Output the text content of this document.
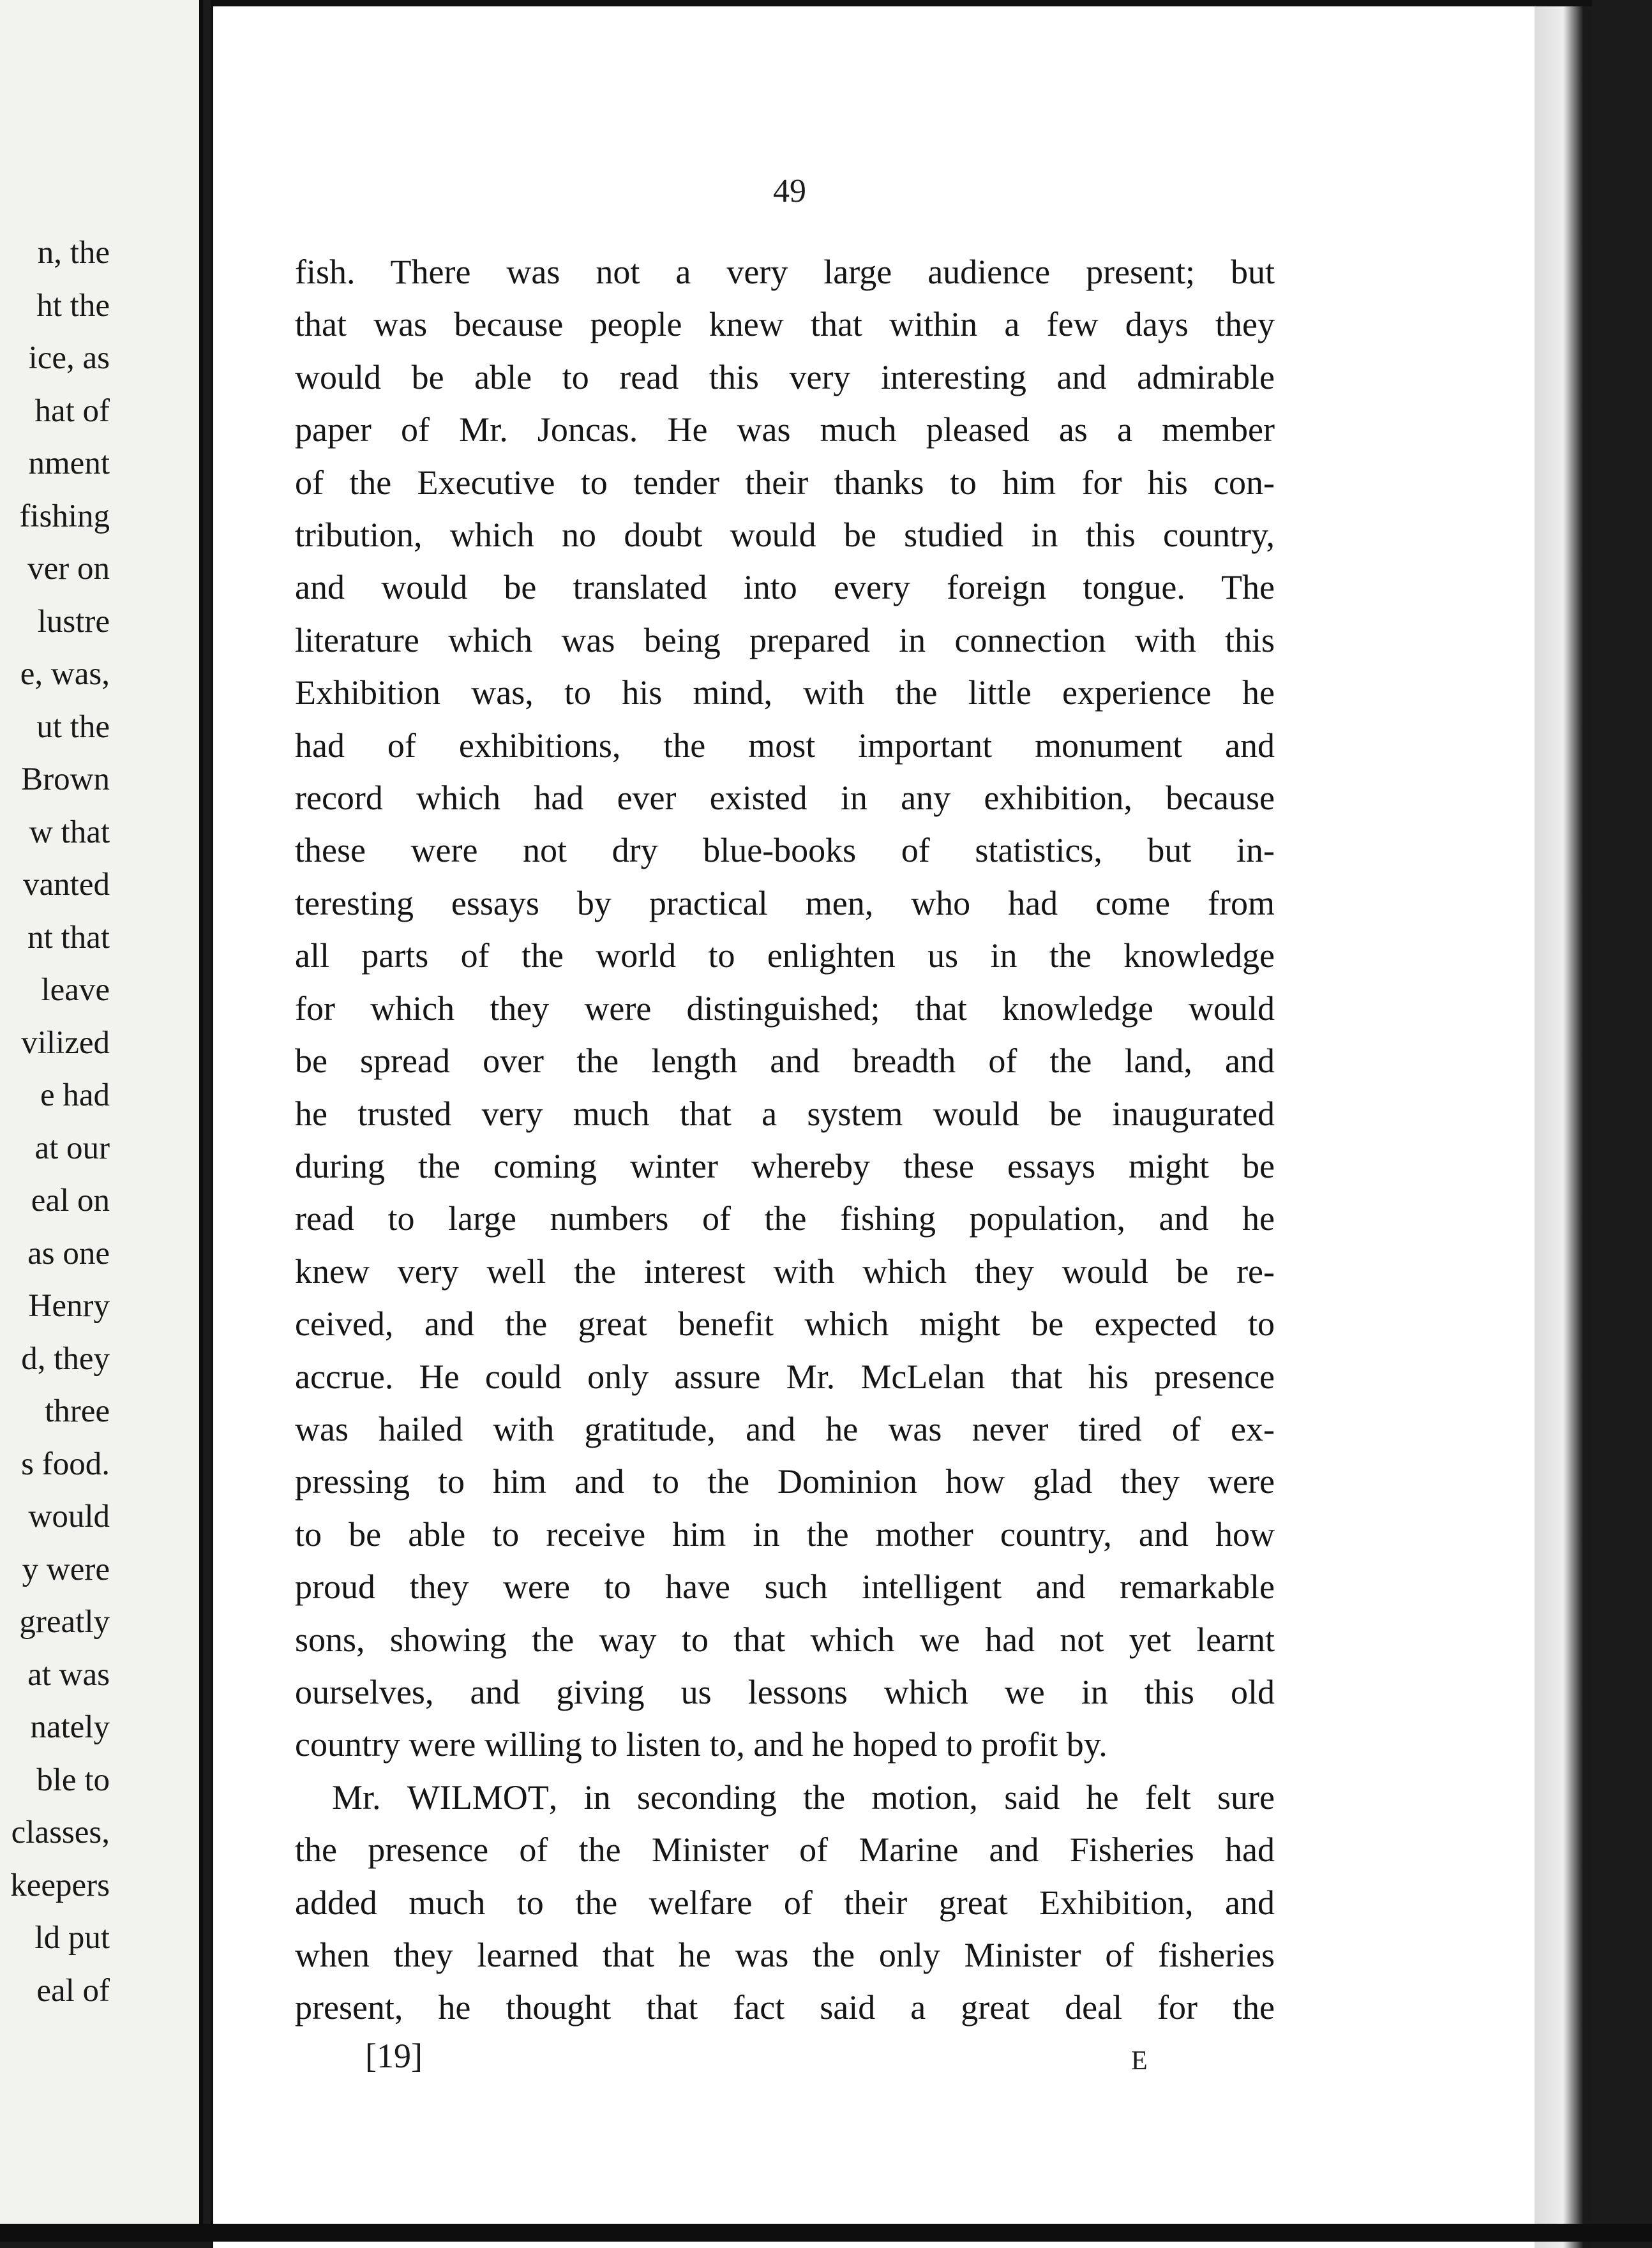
n, the
ht the
ice, as
hat of
nment
fishing
ver on
lustre
e, was,
ut the
Brown
w that
vanted
nt that
leave
vilized
e had
at our
eal on
as one
Henry
d, they
three
s food.
would
y were
greatly
at was
nately
ble to
classes,
keepers
ld put
eal of
49
fish. There was not a very large audience present; but
that was because people knew that within a few days they
would be able to read this very interesting and admirable
paper of Mr. Joncas. He was much pleased as a member
of the Executive to tender their thanks to him for his con-
tribution, which no doubt would be studied in this country,
and would be translated into every foreign tongue. The
literature which was being prepared in connection with this
Exhibition was, to his mind, with the little experience he
had of exhibitions, the most important monument and
record which had ever existed in any exhibition, because
these were not dry blue-books of statistics, but in-
teresting essays by practical men, who had come from
all parts of the world to enlighten us in the knowledge
for which they were distinguished; that knowledge would
be spread over the length and breadth of the land, and
he trusted very much that a system would be inaugurated
during the coming winter whereby these essays might be
read to large numbers of the fishing population, and he
knew very well the interest with which they would be re-
ceived, and the great benefit which might be expected to
accrue. He could only assure Mr. McLelan that his presence
was hailed with gratitude, and he was never tired of ex-
pressing to him and to the Dominion how glad they were
to be able to receive him in the mother country, and how
proud they were to have such intelligent and remarkable
sons, showing the way to that which we had not yet learnt
ourselves, and giving us lessons which we in this old
country were willing to listen to, and he hoped to profit by.
Mr. WILMOT, in seconding the motion, said he felt sure
the presence of the Minister of Marine and Fisheries had
added much to the welfare of their great Exhibition, and
when they learned that he was the only Minister of fisheries
present, he thought that fact said a great deal for the
[19]	E
